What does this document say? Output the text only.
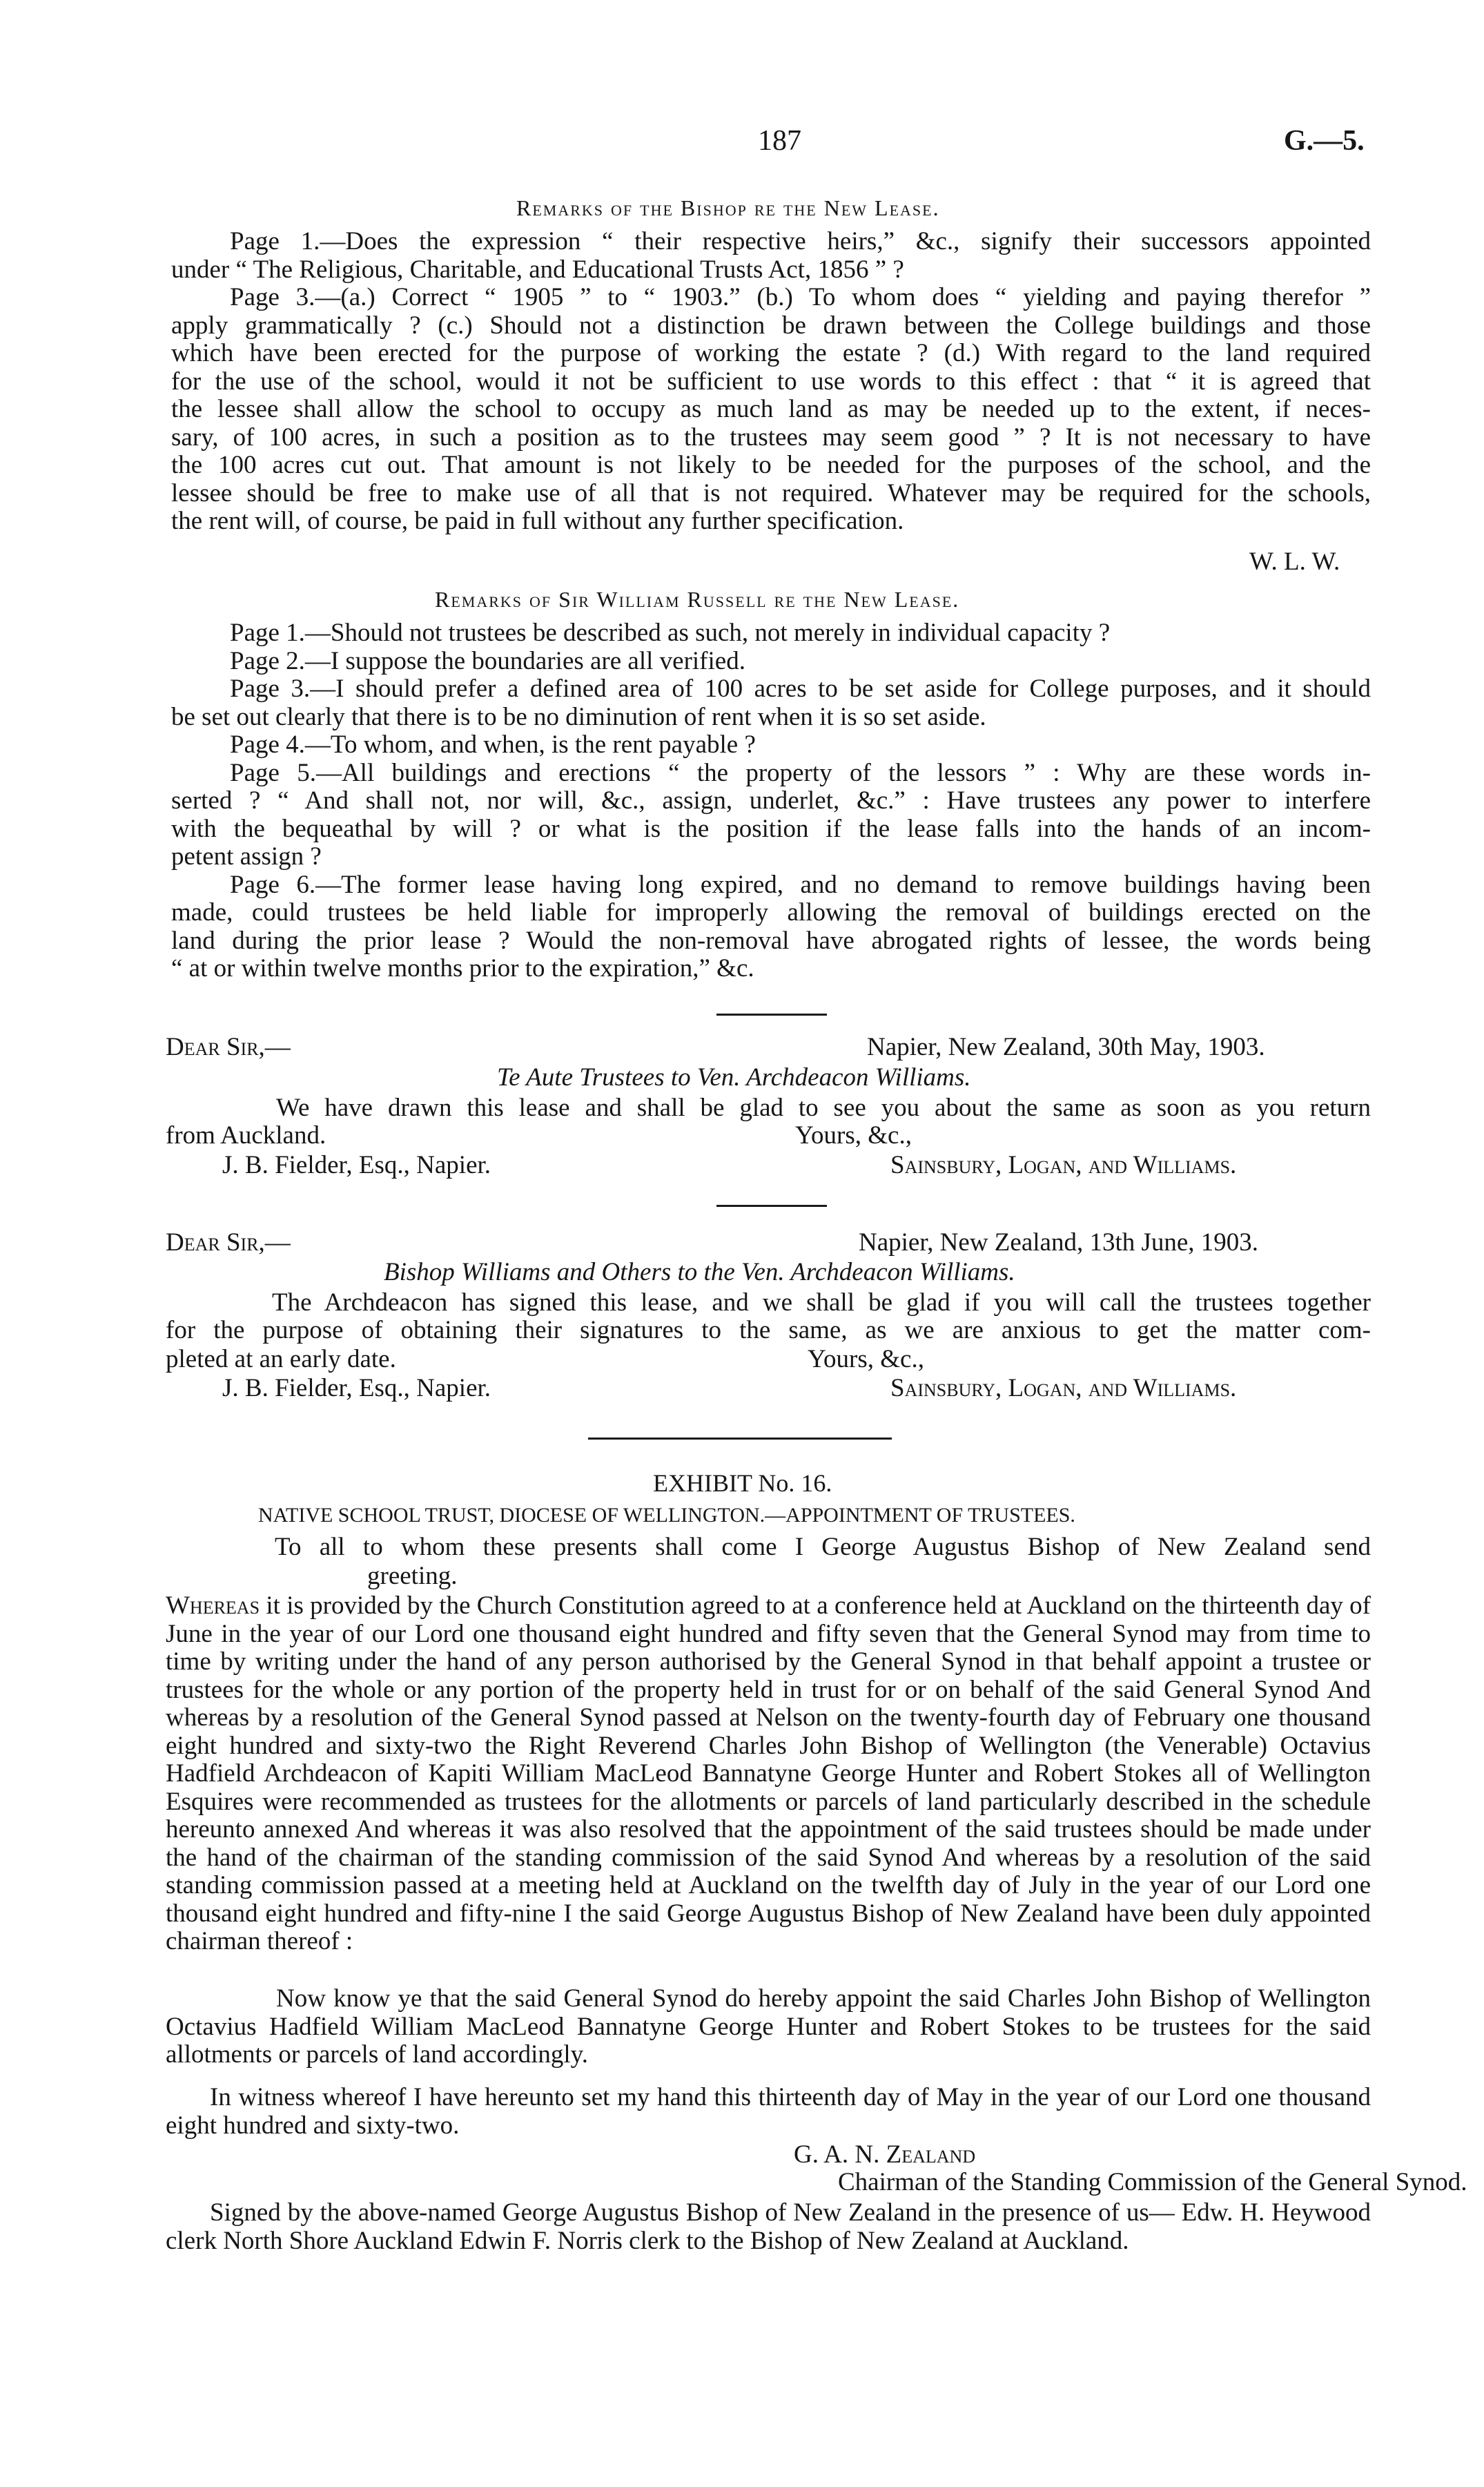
187	G.—5.
Remarks of the Bishop re the New Lease.
Page 1.—Does the expression “ their respective heirs,” &c., signify their successors appointed
under “ The Religious, Charitable, and Educational Trusts Act, 1856 ” ?
Page 3.—(a.) Correct “ 1905 ” to “ 1903.” (b.) To whom does “ yielding and paying therefor ”
apply grammatically ? (c.) Should not a distinction be drawn between the College buildings and those
which have been erected for the purpose of working the estate ? (d.) With regard to the land required
for the use of the school, would it not be sufficient to use words to this effect : that “ it is agreed that
the lessee shall allow the school to occupy as much land as may be needed up to the extent, if neces-
sary, of 100 acres, in such a position as to the trustees may seem good ” ? It is not necessary to have
the 100 acres cut out. That amount is not likely to be needed for the purposes of the school, and the
lessee should be free to make use of all that is not required. Whatever may be required for the schools,
the rent will, of course, be paid in full without any further specification.
W. L. W.
Remarks of Sir William Russell re the New Lease.
Page 1.—Should not trustees be described as such, not merely in individual capacity ?
Page 2.—I suppose the boundaries are all verified.
Page 3.—I should prefer a defined area of 100 acres to be set aside for College purposes, and it should
be set out clearly that there is to be no diminution of rent when it is so set aside.
Page 4.—To whom, and when, is the rent payable ?
Page 5.—All buildings and erections “ the property of the lessors ” : Why are these words in-
serted ? “ And shall not, nor will, &c., assign, underlet, &c.” : Have trustees any power to interfere
with the bequeathal by will ? or what is the position if the lease falls into the hands of an incom-
petent assign ?
Page 6.—The former lease having long expired, and no demand to remove buildings having been
made, could trustees be held liable for improperly allowing the removal of buildings erected on the
land during the prior lease ? Would the non-removal have abrogated rights of lessee, the words being
“ at or within twelve months prior to the expiration,” &c.
Dear Sir,—	Napier, New Zealand, 30th May, 1903.
Te Aute Trustees to Ven. Archdeacon Williams.
We have drawn this lease and shall be glad to see you about the same as soon as you return
from Auckland.	Yours, &c.,
J. B. Fielder, Esq., Napier.	Sainsbury, Logan, and Williams.
Dear Sir,—	Napier, New Zealand, 13th June, 1903.
Bishop Williams and Others to the Ven. Archdeacon Williams.
The Archdeacon has signed this lease, and we shall be glad if you will call the trustees together
for the purpose of obtaining their signatures to the same, as we are anxious to get the matter com-
pleted at an early date.	Yours, &c.,
J. B. Fielder, Esq., Napier.	Sainsbury, Logan, and Williams.
EXHIBIT No. 16.
NATIVE SCHOOL TRUST, DIOCESE OF WELLINGTON.—APPOINTMENT OF TRUSTEES.
To all to whom these presents shall come I George Augustus Bishop of New Zealand send
greeting.
Whereas it is provided by the Church Constitution agreed to at a conference held at Auckland on the thirteenth day of June in the year of our Lord one thousand eight hundred and fifty seven that the General Synod may from time to time by writing under the hand of any person authorised by the General Synod in that behalf appoint a trustee or trustees for the whole or any portion of the property held in trust for or on behalf of the said General Synod And whereas by a resolution of the General Synod passed at Nelson on the twenty-fourth day of February one thousand eight hundred and sixty-two the Right Reverend Charles John Bishop of Wellington (the Venerable) Octavius Hadfield Archdeacon of Kapiti William MacLeod Bannatyne George Hunter and Robert Stokes all of Wellington Esquires were recommended as trustees for the allotments or parcels of land particularly described in the schedule hereunto annexed And whereas it was also resolved that the appointment of the said trustees should be made under the hand of the chairman of the standing commission of the said Synod And whereas by a resolution of the said standing commission passed at a meeting held at Auckland on the twelfth day of July in the year of our Lord one thousand eight hundred and fifty-nine I the said George Augustus Bishop of New Zealand have been duly appointed chairman thereof :
Now know ye that the said General Synod do hereby appoint the said Charles John Bishop of Wellington Octavius Hadfield William MacLeod Bannatyne George Hunter and Robert Stokes to be trustees for the said allotments or parcels of land accordingly.
In witness whereof I have hereunto set my hand this thirteenth day of May in the year of our Lord one thousand eight hundred and sixty-two.
G. A. N. Zealand
Chairman of the Standing Commission of the General Synod.
Signed by the above-named George Augustus Bishop of New Zealand in the presence of us— Edw. H. Heywood clerk North Shore Auckland Edwin F. Norris clerk to the Bishop of New Zealand at Auckland.
